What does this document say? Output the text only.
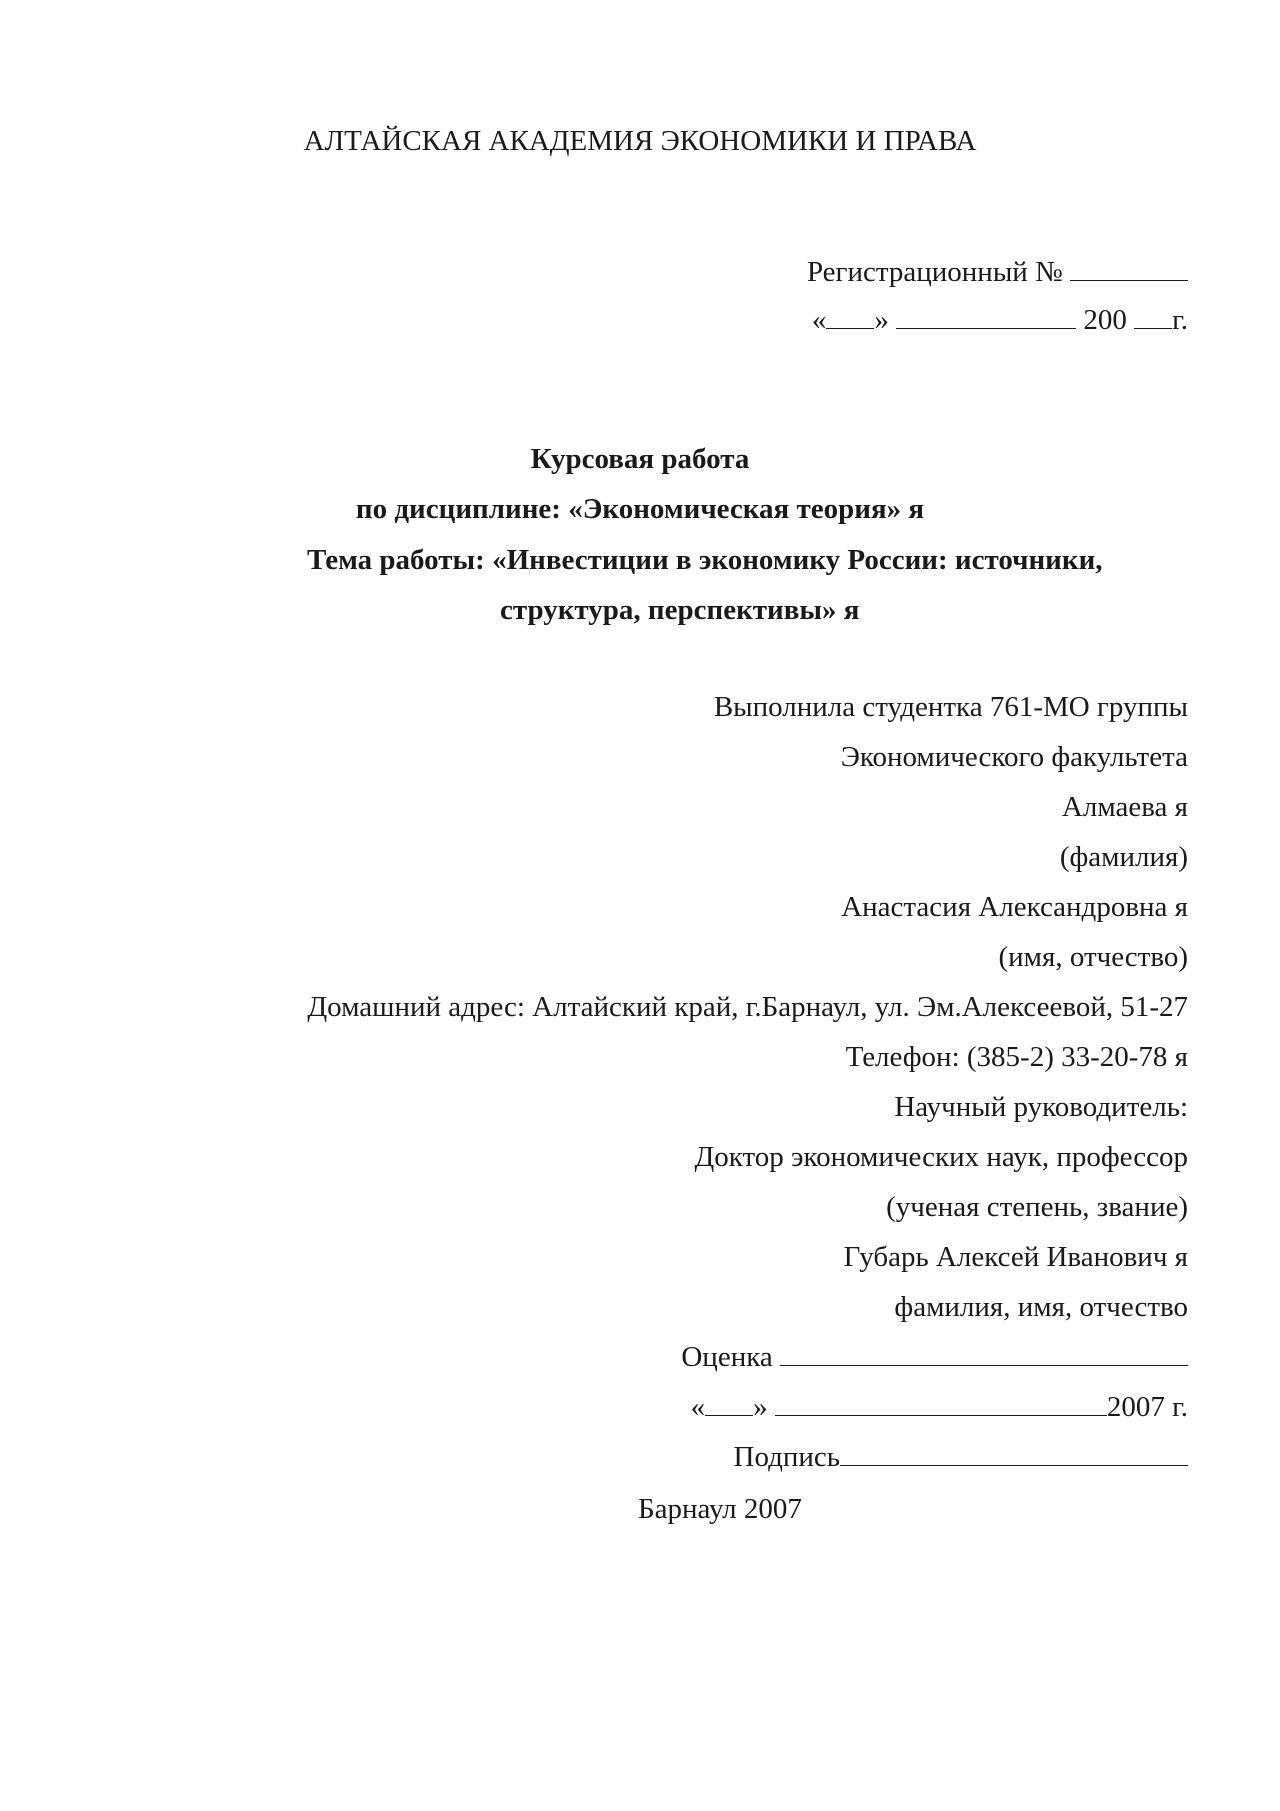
АЛТАЙСКАЯ АКАДЕМИЯ ЭКОНОМИКИ И ПРАВА
Регистрационный №
« »	200 г.
Курсовая работа
по дисциплине: «Экономическая теория» я
Тема работы: «Инвестиции в экономику России: источники,
структура, перспективы» я
Выполнила студентка 761-МО группы
Экономического факультета
Алмаева я
(фамилия)
Анастасия Александровна я
(имя, отчество)
Домашний адрес: Алтайский край, г.Барнаул, ул. Эм.Алексеевой, 51-27
Телефон: (385-2) 33-20-78 я
Научный руководитель:
Доктор экономических наук, профессор
(ученая степень, звание)
Губарь Алексей Иванович я
фамилия, имя, отчество
Оценка
« »	2007 г.
Подпись
Барнаул 2007
